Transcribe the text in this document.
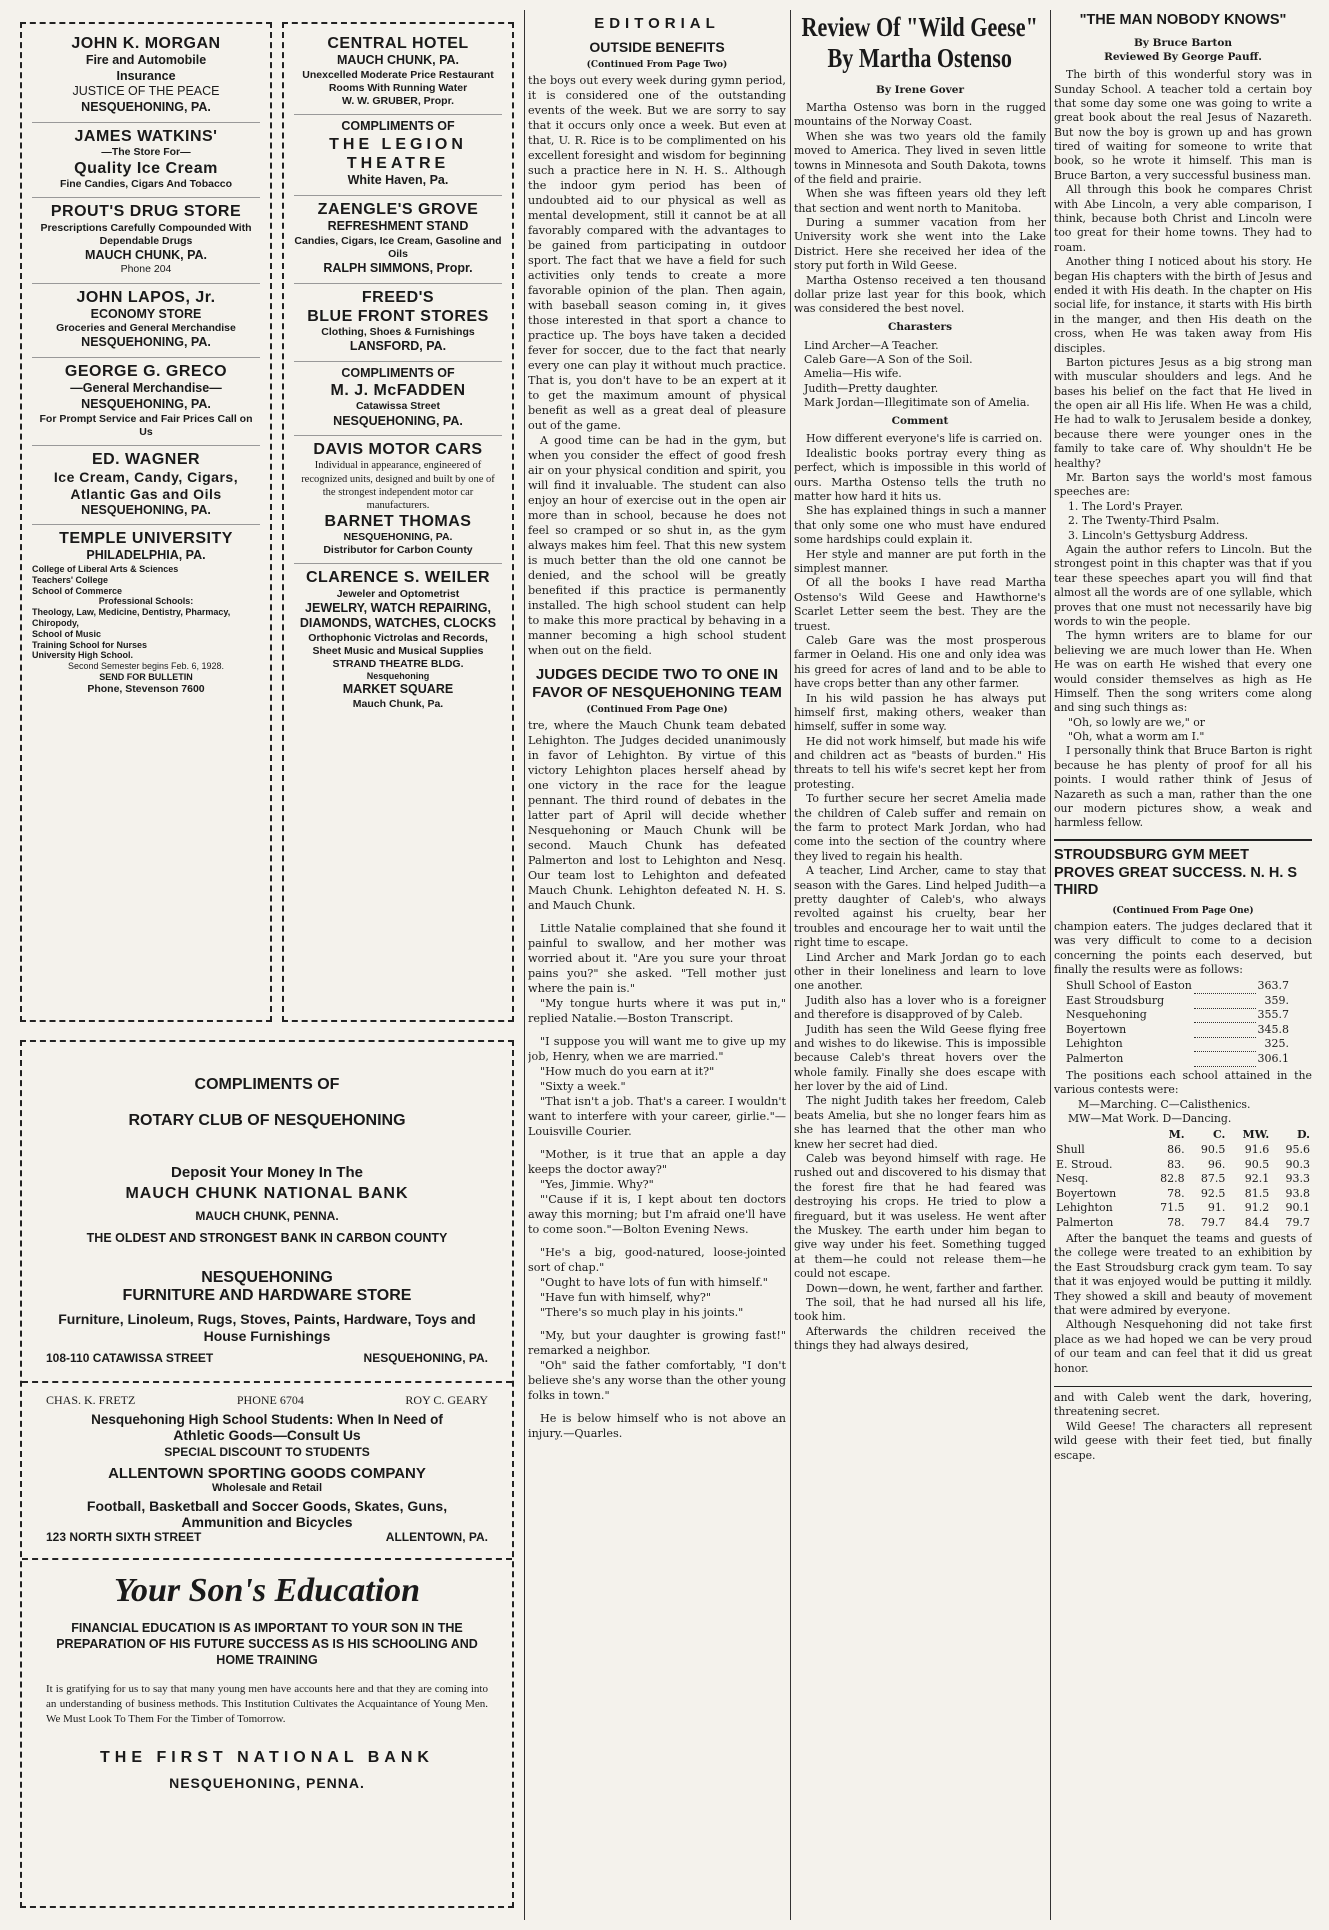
JOHN K. MORGAN
Fire and Automobile
Insurance
JUSTICE OF THE PEACE
NESQUEHONING, PA.
JAMES WATKINS'
—The Store For—
Quality Ice Cream
Fine Candies, Cigars And Tobacco
PROUT'S DRUG STORE
Prescriptions Carefully Compounded With Dependable Drugs
MAUCH CHUNK, PA.
Phone 204
JOHN LAPOS, Jr.
ECONOMY STORE
Groceries and General Merchandise
NESQUEHONING, PA.
GEORGE G. GRECO
—General Merchandise—
NESQUEHONING, PA.
For Prompt Service and Fair Prices Call on Us
ED. WAGNER
Ice Cream, Candy, Cigars,
Atlantic Gas and Oils
NESQUEHONING, PA.
TEMPLE UNIVERSITY
PHILADELPHIA, PA.
College of Liberal Arts & Sciences
Teachers' College
School of Commerce
Professional Schools:
Theology, Law, Medicine, Dentistry, Pharmacy, Chiropody,
School of Music
Training School for Nurses
University High School.
Second Semester begins Feb. 6, 1928.
SEND FOR BULLETIN
Phone, Stevenson 7600
CENTRAL HOTEL
MAUCH CHUNK, PA.
Unexcelled Moderate Price Restaurant
Rooms With Running Water
W. W. GRUBER, Propr.
COMPLIMENTS OF
THE LEGION
THEATRE
White Haven, Pa.
ZAENGLE'S GROVE
REFRESHMENT STAND
Candies, Cigars, Ice Cream, Gasoline and Oils
RALPH SIMMONS, Propr.
FREED'S
BLUE FRONT STORES
Clothing, Shoes & Furnishings
LANSFORD, PA.
COMPLIMENTS OF
M. J. McFADDEN
Catawissa Street
NESQUEHONING, PA.
DAVIS MOTOR CARS
Individual in appearance, engineered of recognized units, designed and built by one of the strongest independent motor car manufacturers.
BARNET THOMAS
NESQUEHONING, PA.
Distributor for Carbon County
CLARENCE S. WEILER
Jeweler and Optometrist
JEWELRY, WATCH REPAIRING, DIAMONDS, WATCHES, CLOCKS
Orthophonic Victrolas and Records, Sheet Music and Musical Supplies
STRAND THEATRE BLDG.
Nesquehoning
MARKET SQUARE
Mauch Chunk, Pa.
COMPLIMENTS OF
ROTARY CLUB OF NESQUEHONING
Deposit Your Money In The
MAUCH CHUNK NATIONAL BANK
MAUCH CHUNK, PENNA.
THE OLDEST AND STRONGEST BANK IN CARBON COUNTY
NESQUEHONING
FURNITURE AND HARDWARE STORE
Furniture, Linoleum, Rugs, Stoves, Paints, Hardware, Toys and House Furnishings
108-110 CATAWISSA STREET	NESQUEHONING, PA.
CHAS. K. FRETZ	PHONE 6704	ROY C. GEARY
Nesquehoning High School Students: When In Need of
Athletic Goods—Consult Us
SPECIAL DISCOUNT TO STUDENTS
ALLENTOWN SPORTING GOODS COMPANY
Wholesale and Retail
Football, Basketball and Soccer Goods, Skates, Guns,
Ammunition and Bicycles
123 NORTH SIXTH STREET	ALLENTOWN, PA.
Your Son's Education
FINANCIAL EDUCATION IS AS IMPORTANT TO YOUR SON IN THE PREPARATION OF HIS FUTURE SUCCESS AS IS HIS SCHOOLING AND HOME TRAINING
It is gratifying for us to say that many young men have accounts here and that they are coming into an understanding of business methods. This Institution Cultivates the Acquaintance of Young Men. We Must Look To Them For the Timber of Tomorrow.
THE FIRST NATIONAL BANK
NESQUEHONING, PENNA.
EDITORIAL
OUTSIDE BENEFITS
(Continued From Page Two)

the boys out every week during gymn period, it is considered one of the outstanding events of the week. But we are sorry to say that it occurs only once a week. But even at that, U. R. Rice is to be complimented on his excellent foresight and wisdom for beginning such a practice here in N. H. S.. Although the indoor gym period has been of undoubted aid to our physical as well as mental development, still it cannot be at all favorably compared with the advantages to be gained from participating in outdoor sport. The fact that we have a field for such activities only tends to create a more favorable opinion of the plan. Then again, with baseball season coming in, it gives those interested in that sport a chance to practice up. The boys have taken a decided fever for soccer, due to the fact that nearly every one can play it without much practice. That is, you don't have to be an expert at it to get the maximum amount of physical benefit as well as a great deal of pleasure out of the game.

A good time can be had in the gym, but when you consider the effect of good fresh air on your physical condition and spirit, you will find it invaluable. The student can also enjoy an hour of exercise out in the open air more than in school, because he does not feel so cramped or so shut in, as the gym always makes him feel. That this new system is much better than the old one cannot be denied, and the school will be greatly benefited if this practice is permanently installed. The high school student can help to make this more practical by behaving in a manner becoming a high school student when out on the field.

JUDGES DECIDE TWO TO ONE IN FAVOR OF NESQUEHONING TEAM
(Continued From Page One)

tre, where the Mauch Chunk team debated Lehighton. The Judges decided unanimously in favor of Lehighton. By virtue of this victory Lehighton places herself ahead by one victory in the race for the league pennant. The third round of debates in the latter part of April will decide whether Nesquehoning or Mauch Chunk will be second. Mauch Chunk has defeated Palmerton and lost to Lehighton and Nesq. Our team lost to Lehighton and defeated Mauch Chunk. Lehighton defeated N. H. S. and Mauch Chunk.

Little Natalie complained that she found it painful to swallow, and her mother was worried about it. "Are you sure your throat pains you?" she asked. "Tell mother just where the pain is."

"My tongue hurts where it was put in," replied Natalie.—Boston Transcript.

"I suppose you will want me to give up my job, Henry, when we are married."

"How much do you earn at it?"

"Sixty a week."

"That isn't a job. That's a career. I wouldn't want to interfere with your career, girlie."—Louisville Courier.

"Mother, is it true that an apple a day keeps the doctor away?"

"Yes, Jimmie. Why?"

"'Cause if it is, I kept about ten doctors away this morning; but I'm afraid one'll have to come soon."—Bolton Evening News.

"He's a big, good-natured, loose-jointed sort of chap."

"Ought to have lots of fun with himself."

"Have fun with himself, why?"

"There's so much play in his joints."

"My, but your daughter is growing fast!" remarked a neighbor.

"Oh" said the father comfortably, "I don't believe she's any worse than the other young folks in town."

He is below himself who is not above an injury.—Quarles.

Review Of "Wild Geese" By Martha Ostenso
By Irene Gover

Martha Ostenso was born in the rugged mountains of the Norway Coast.

When she was two years old the family moved to America. They lived in seven little towns in Minnesota and South Dakota, towns of the field and prairie.

When she was fifteen years old they left that section and went north to Manitoba.

During a summer vacation from her University work she went into the Lake District. Here she received her idea of the story put forth in Wild Geese.

Martha Ostenso received a ten thousand dollar prize last year for this book, which was considered the best novel.

Charasters

Lind Archer—A Teacher.

Caleb Gare—A Son of the Soil.

Amelia—His wife.

Judith—Pretty daughter.

Mark Jordan—Illegitimate son of Amelia.

Comment

How different everyone's life is carried on.

Idealistic books portray every thing as perfect, which is impossible in this world of ours. Martha Ostenso tells the truth no matter how hard it hits us.

She has explained things in such a manner that only some one who must have endured some hardships could explain it.

Her style and manner are put forth in the simplest manner.

Of all the books I have read Martha Ostenso's Wild Geese and Hawthorne's Scarlet Letter seem the best. They are the truest.

Caleb Gare was the most prosperous farmer in Oeland. His one and only idea was his greed for acres of land and to be able to have crops better than any other farmer.

In his wild passion he has always put himself first, making others, weaker than himself, suffer in some way.

He did not work himself, but made his wife and children act as "beasts of burden." His threats to tell his wife's secret kept her from protesting.

To further secure her secret Amelia made the children of Caleb suffer and remain on the farm to protect Mark Jordan, who had come into the section of the country where they lived to regain his health.

A teacher, Lind Archer, came to stay that season with the Gares. Lind helped Judith—a pretty daughter of Caleb's, who always revolted against his cruelty, bear her troubles and encourage her to wait until the right time to escape.

Lind Archer and Mark Jordan go to each other in their loneliness and learn to love one another.

Judith also has a lover who is a foreigner and therefore is disapproved of by Caleb.

Judith has seen the Wild Geese flying free and wishes to do likewise. This is impossible because Caleb's threat hovers over the whole family. Finally she does escape with her lover by the aid of Lind.

The night Judith takes her freedom, Caleb beats Amelia, but she no longer fears him as she has learned that the other man who knew her secret had died.

Caleb was beyond himself with rage. He rushed out and discovered to his dismay that the forest fire that he had feared was destroying his crops. He tried to plow a fireguard, but it was useless. He went after the Muskey. The earth under him began to give way under his feet. Something tugged at them—he could not release them—he could not escape.

Down—down, he went, farther and farther.

The soil, that he had nursed all his life, took him.

Afterwards the children received the things they had always desired,

"THE MAN NOBODY KNOWS"
By Bruce Barton
Reviewed By George Pauff.

The birth of this wonderful story was in Sunday School. A teacher told a certain boy that some day some one was going to write a great book about the real Jesus of Nazareth. But now the boy is grown up and has grown tired of waiting for someone to write that book, so he wrote it himself. This man is Bruce Barton, a very successful business man.

All through this book he compares Christ with Abe Lincoln, a very able comparison, I think, because both Christ and Lincoln were too great for their home towns. They had to roam.

Another thing I noticed about his story. He began His chapters with the birth of Jesus and ended it with His death. In the chapter on His social life, for instance, it starts with His birth in the manger, and then His death on the cross, when He was taken away from His disciples.

Barton pictures Jesus as a big strong man with muscular shoulders and legs. And he bases his belief on the fact that He lived in the open air all His life. When He was a child, He had to walk to Jerusalem beside a donkey, because there were younger ones in the family to take care of. Why shouldn't He be healthy?

Mr. Barton says the world's most famous speeches are:

1. The Lord's Prayer.

2. The Twenty-Third Psalm.

3. Lincoln's Gettysburg Address.

Again the author refers to Lincoln. But the strongest point in this chapter was that if you tear these speeches apart you will find that almost all the words are of one syllable, which proves that one must not necessarily have big words to win the people.

The hymn writers are to blame for our believing we are much lower than He. When He was on earth He wished that every one would consider themselves as high as He Himself. Then the song writers come along and sing such things as:

"Oh, so lowly are we," or

"Oh, what a worm am I."

I personally think that Bruce Barton is right because he has plenty of proof for all his points. I would rather think of Jesus of Nazareth as such a man, rather than the one our modern pictures show, a weak and harmless fellow.

STROUDSBURG GYM MEET PROVES GREAT SUCCESS. N. H. S THIRD
(Continued From Page One)

champion eaters. The judges declared that it was very difficult to come to a decision concerning the points each deserved, but finally the results were as follows:

Shull School of Easton		363.7
East Stroudsburg		359.
Nesquehoning		355.7
Boyertown		345.8
Lehighton		325.
Palmerton		306.1

The positions each school attained in the various contests were:

M—Marching. C—Calisthenics.

MW—Mat Work. D—Dancing.

	M.	C.	MW.	D.
Shull	86.	90.5	91.6	95.6
E. Stroud.	83.	96.	90.5	90.3
Nesq.	82.8	87.5	92.1	93.3
Boyertown	78.	92.5	81.5	93.8
Lehighton	71.5	91.	91.2	90.1
Palmerton	78.	79.7	84.4	79.7

After the banquet the teams and guests of the college were treated to an exhibition by the East Stroudsburg crack gym team. To say that it was enjoyed would be putting it mildly. They showed a skill and beauty of movement that were admired by everyone.

Although Nesquehoning did not take first place as we had hoped we can be very proud of our team and can feel that it did us great honor.

and with Caleb went the dark, hovering, threatening secret.

Wild Geese! The characters all represent wild geese with their feet tied, but finally escape.
